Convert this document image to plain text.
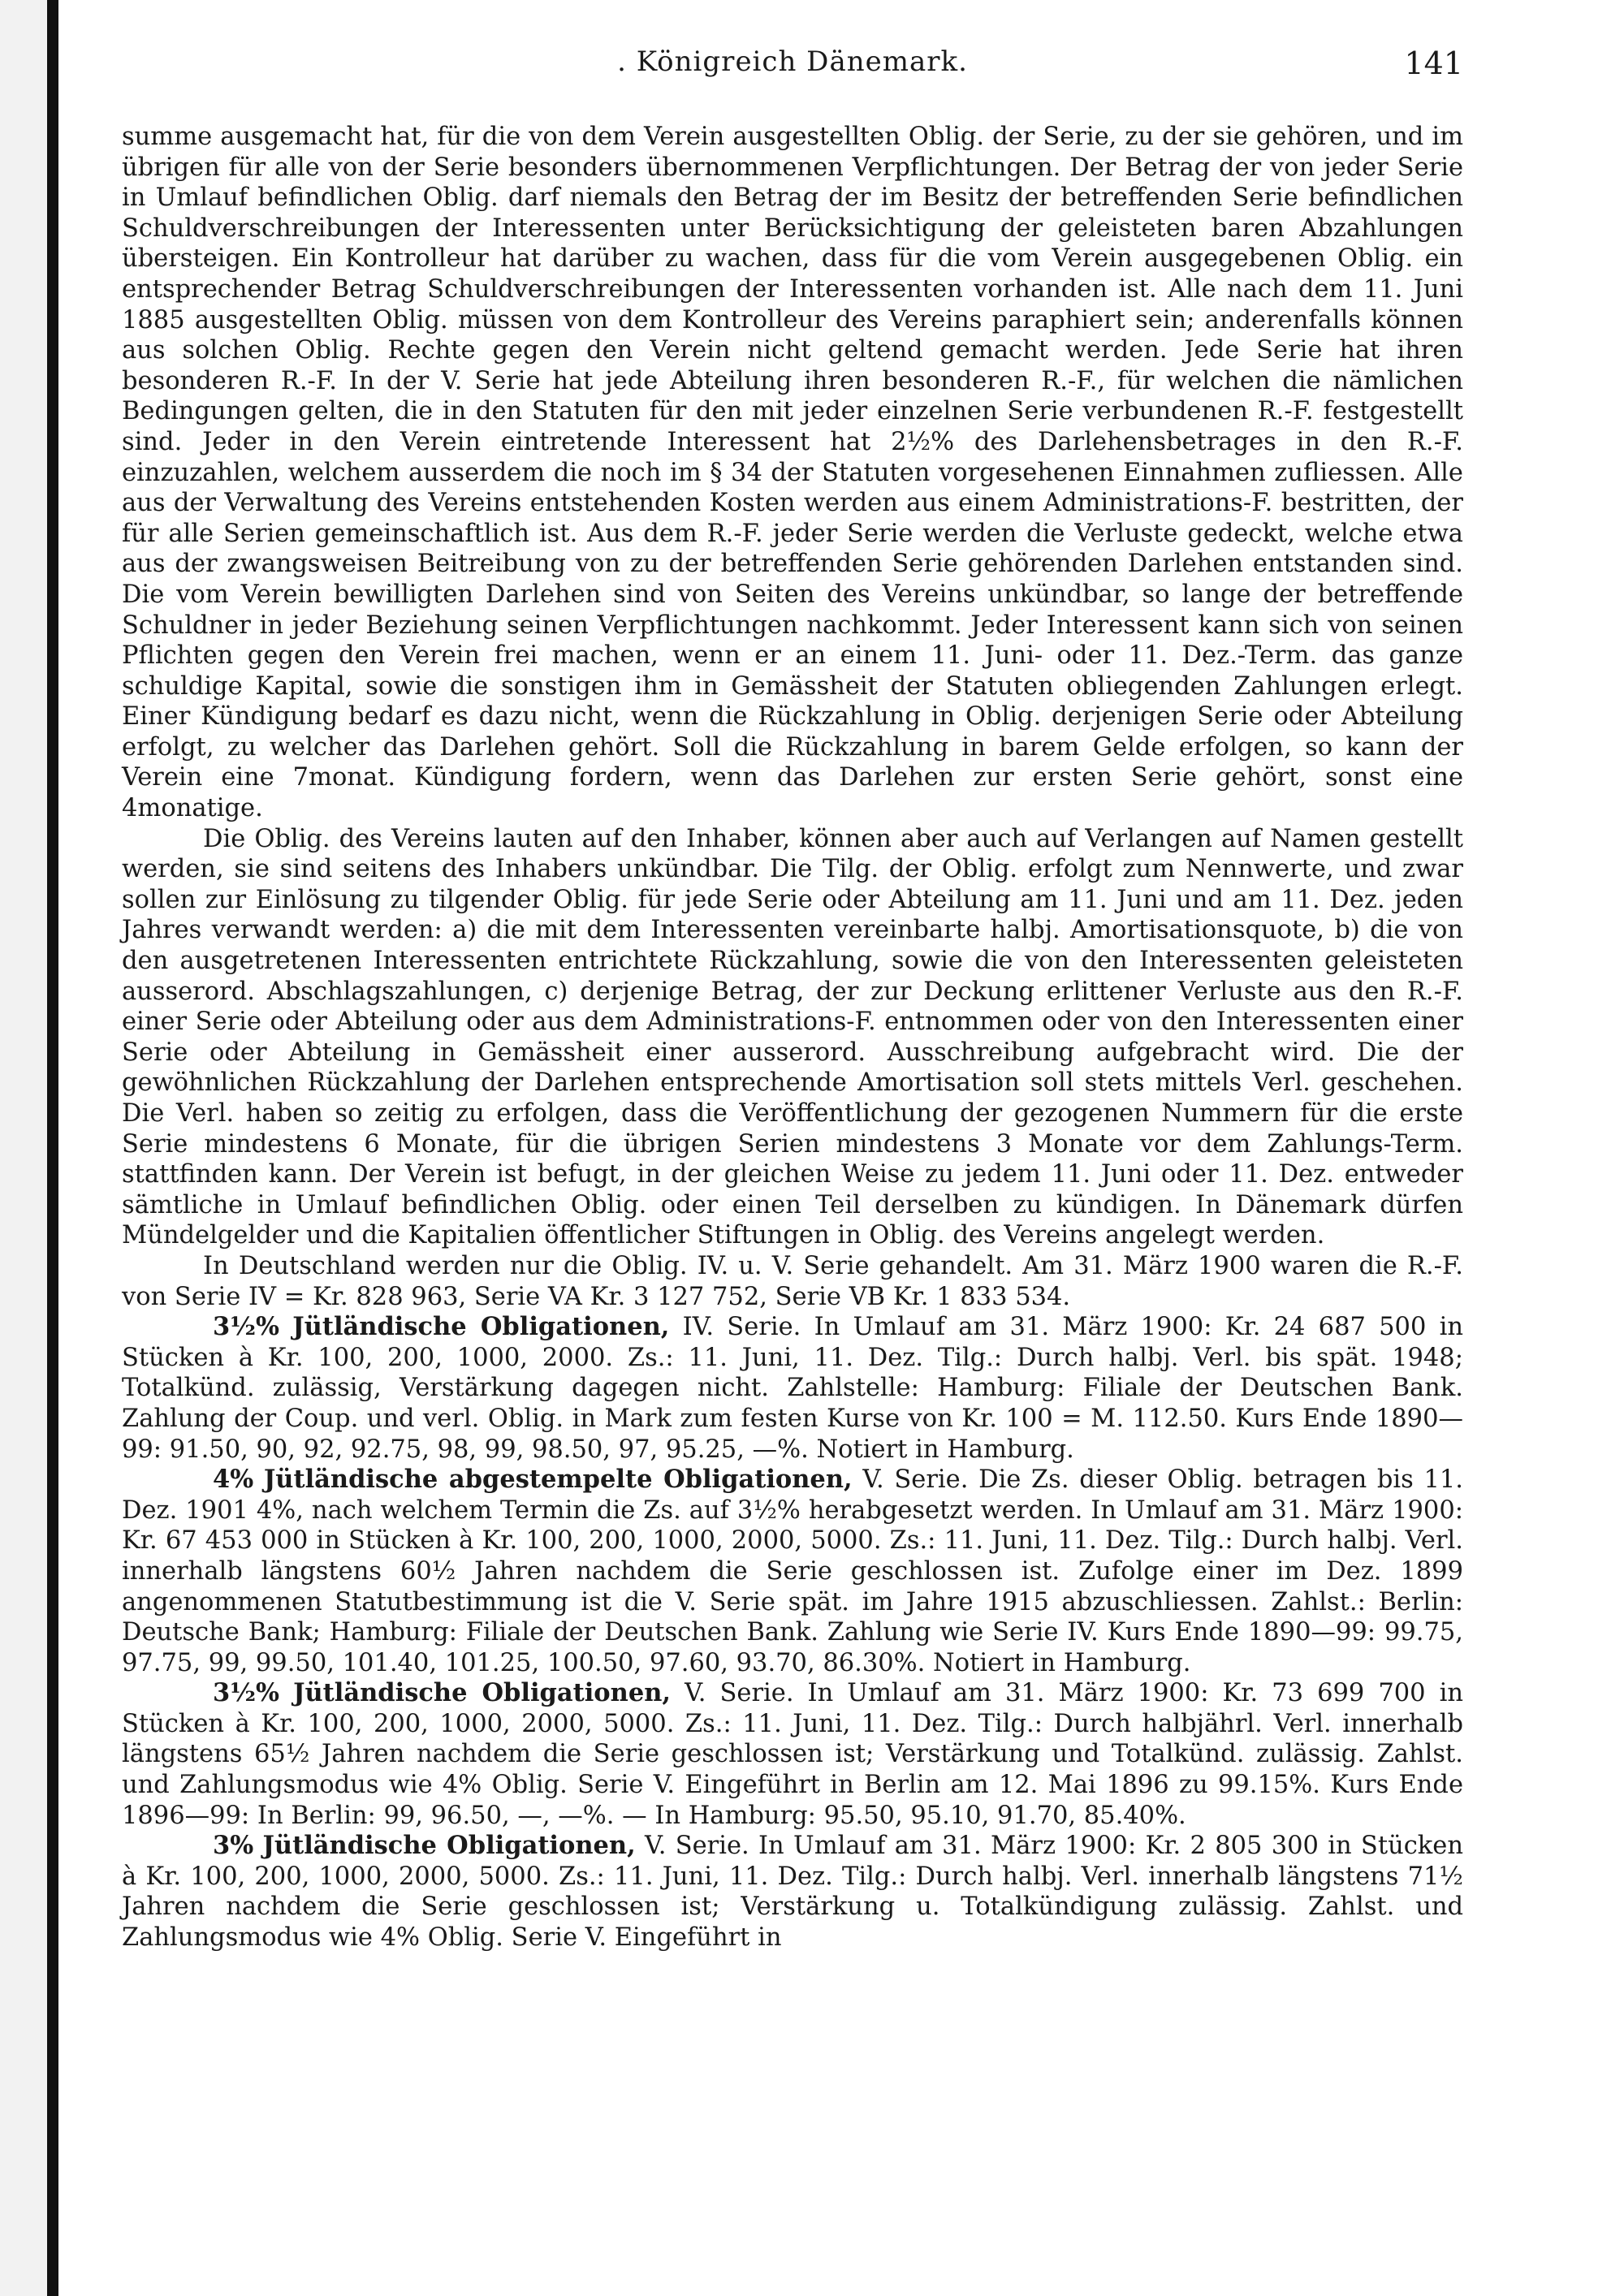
. Königreich Dänemark.	141

summe ausgemacht hat, für die von dem Verein ausgestellten Oblig. der Serie, zu der sie gehören, und im übrigen für alle von der Serie besonders übernommenen Verpflichtungen. Der Betrag der von jeder Serie in Umlauf befindlichen Oblig. darf niemals den Betrag der im Besitz der betreffenden Serie befindlichen Schuldverschreibungen der Interessenten unter Berücksichtigung der geleisteten baren Abzahlungen übersteigen. Ein Kontrolleur hat darüber zu wachen, dass für die vom Verein ausgegebenen Oblig. ein entsprechender Betrag Schuldverschreibungen der Interessenten vorhanden ist. Alle nach dem 11. Juni 1885 ausgestellten Oblig. müssen von dem Kontrolleur des Vereins paraphiert sein; anderenfalls können aus solchen Oblig. Rechte gegen den Verein nicht geltend gemacht werden. Jede Serie hat ihren besonderen R.-F. In der V. Serie hat jede Abteilung ihren besonderen R.-F., für welchen die nämlichen Bedingungen gelten, die in den Statuten für den mit jeder einzelnen Serie verbundenen R.-F. festgestellt sind. Jeder in den Verein eintretende Interessent hat 2½% des Darlehensbetrages in den R.-F. einzuzahlen, welchem ausserdem die noch im § 34 der Statuten vorgesehenen Einnahmen zufliessen. Alle aus der Verwaltung des Vereins entstehenden Kosten werden aus einem Administrations-F. bestritten, der für alle Serien gemeinschaftlich ist. Aus dem R.-F. jeder Serie werden die Verluste gedeckt, welche etwa aus der zwangsweisen Beitreibung von zu der betreffenden Serie gehörenden Darlehen entstanden sind. Die vom Verein bewilligten Darlehen sind von Seiten des Vereins unkündbar, so lange der betreffende Schuldner in jeder Beziehung seinen Verpflichtungen nachkommt. Jeder Interessent kann sich von seinen Pflichten gegen den Verein frei machen, wenn er an einem 11. Juni- oder 11. Dez.-Term. das ganze schuldige Kapital, sowie die sonstigen ihm in Gemässheit der Statuten obliegenden Zahlungen erlegt. Einer Kündigung bedarf es dazu nicht, wenn die Rückzahlung in Oblig. derjenigen Serie oder Abteilung erfolgt, zu welcher das Darlehen gehört. Soll die Rückzahlung in barem Gelde erfolgen, so kann der Verein eine 7monat. Kündigung fordern, wenn das Darlehen zur ersten Serie gehört, sonst eine 4monatige.

Die Oblig. des Vereins lauten auf den Inhaber, können aber auch auf Verlangen auf Namen gestellt werden, sie sind seitens des Inhabers unkündbar. Die Tilg. der Oblig. erfolgt zum Nennwerte, und zwar sollen zur Einlösung zu tilgender Oblig. für jede Serie oder Abteilung am 11. Juni und am 11. Dez. jeden Jahres verwandt werden: a) die mit dem Interessenten vereinbarte halbj. Amortisationsquote, b) die von den ausgetretenen Interessenten entrichtete Rückzahlung, sowie die von den Interessenten geleisteten ausserord. Abschlagszahlungen, c) derjenige Betrag, der zur Deckung erlittener Verluste aus den R.-F. einer Serie oder Abteilung oder aus dem Administrations-F. entnommen oder von den Interessenten einer Serie oder Abteilung in Gemässheit einer ausserord. Ausschreibung aufgebracht wird. Die der gewöhnlichen Rückzahlung der Darlehen entsprechende Amortisation soll stets mittels Verl. geschehen. Die Verl. haben so zeitig zu erfolgen, dass die Veröffentlichung der gezogenen Nummern für die erste Serie mindestens 6 Monate, für die übrigen Serien mindestens 3 Monate vor dem Zahlungs-Term. stattfinden kann. Der Verein ist befugt, in der gleichen Weise zu jedem 11. Juni oder 11. Dez. entweder sämtliche in Umlauf befindlichen Oblig. oder einen Teil derselben zu kündigen. In Dänemark dürfen Mündelgelder und die Kapitalien öffentlicher Stiftungen in Oblig. des Vereins angelegt werden.

In Deutschland werden nur die Oblig. IV. u. V. Serie gehandelt. Am 31. März 1900 waren die R.-F. von Serie IV = Kr. 828 963, Serie VA Kr. 3 127 752, Serie VB Kr. 1 833 534.

3½% Jütländische Obligationen, IV. Serie. In Umlauf am 31. März 1900: Kr. 24 687 500 in Stücken à Kr. 100, 200, 1000, 2000. Zs.: 11. Juni, 11. Dez. Tilg.: Durch halbj. Verl. bis spät. 1948; Totalkünd. zulässig, Verstärkung dagegen nicht. Zahlstelle: Hamburg: Filiale der Deutschen Bank. Zahlung der Coup. und verl. Oblig. in Mark zum festen Kurse von Kr. 100 = M. 112.50. Kurs Ende 1890—99: 91.50, 90, 92, 92.75, 98, 99, 98.50, 97, 95.25, —%. Notiert in Hamburg.

4% Jütländische abgestempelte Obligationen, V. Serie. Die Zs. dieser Oblig. betragen bis 11. Dez. 1901 4%, nach welchem Termin die Zs. auf 3½% herabgesetzt werden. In Umlauf am 31. März 1900: Kr. 67 453 000 in Stücken à Kr. 100, 200, 1000, 2000, 5000. Zs.: 11. Juni, 11. Dez. Tilg.: Durch halbj. Verl. innerhalb längstens 60½ Jahren nachdem die Serie geschlossen ist. Zufolge einer im Dez. 1899 angenommenen Statutbestimmung ist die V. Serie spät. im Jahre 1915 abzuschliessen. Zahlst.: Berlin: Deutsche Bank; Hamburg: Filiale der Deutschen Bank. Zahlung wie Serie IV. Kurs Ende 1890—99: 99.75, 97.75, 99, 99.50, 101.40, 101.25, 100.50, 97.60, 93.70, 86.30%. Notiert in Hamburg.

3½% Jütländische Obligationen, V. Serie. In Umlauf am 31. März 1900: Kr. 73 699 700 in Stücken à Kr. 100, 200, 1000, 2000, 5000. Zs.: 11. Juni, 11. Dez. Tilg.: Durch halbjährl. Verl. innerhalb längstens 65½ Jahren nachdem die Serie geschlossen ist; Verstärkung und Totalkünd. zulässig. Zahlst. und Zahlungsmodus wie 4% Oblig. Serie V. Eingeführt in Berlin am 12. Mai 1896 zu 99.15%. Kurs Ende 1896—99: In Berlin: 99, 96.50, —, —%. — In Hamburg: 95.50, 95.10, 91.70, 85.40%.

3% Jütländische Obligationen, V. Serie. In Umlauf am 31. März 1900: Kr. 2 805 300 in Stücken à Kr. 100, 200, 1000, 2000, 5000. Zs.: 11. Juni, 11. Dez. Tilg.: Durch halbj. Verl. innerhalb längstens 71½ Jahren nachdem die Serie geschlossen ist; Verstärkung u. Totalkündigung zulässig. Zahlst. und Zahlungsmodus wie 4% Oblig. Serie V. Eingeführt in
